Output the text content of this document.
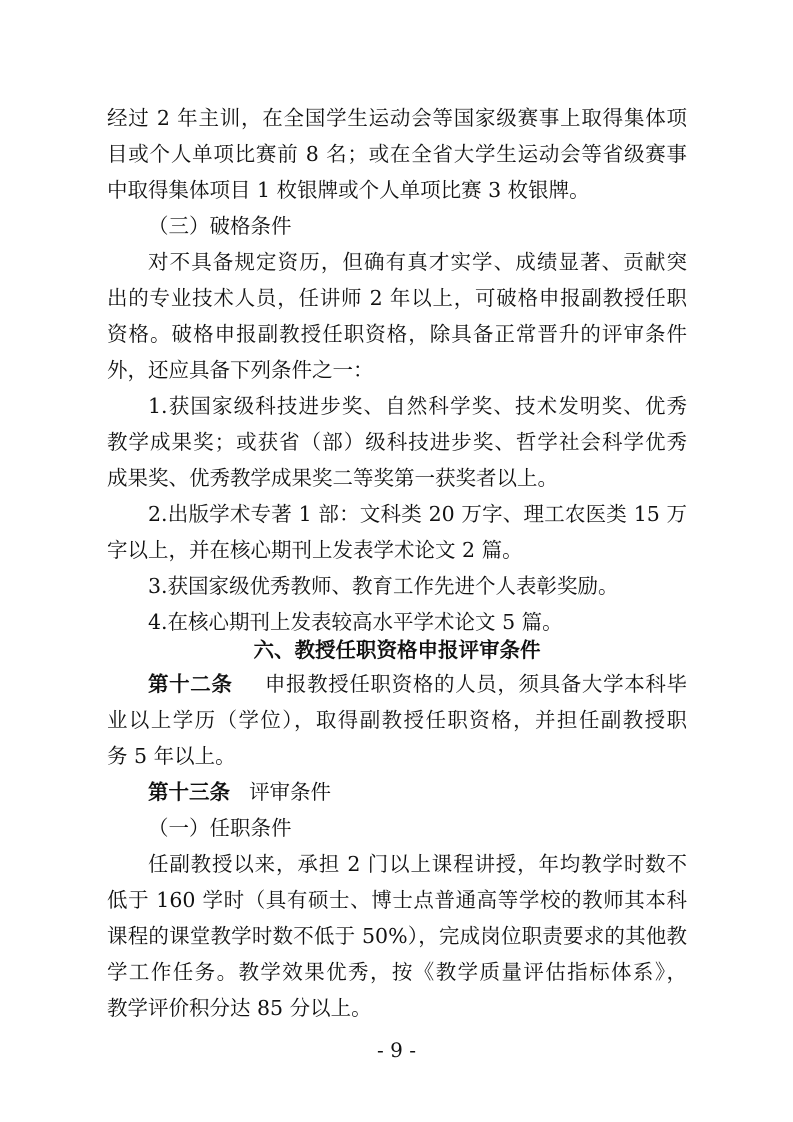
经过 2 年主训，在全国学生运动会等国家级赛事上取得集体项
目或个人单项比赛前 8 名；或在全省大学生运动会等省级赛事
中取得集体项目 1 枚银牌或个人单项比赛 3 枚银牌。
（三）破格条件
对不具备规定资历，但确有真才实学、成绩显著、贡献突
出的专业技术人员，任讲师 2 年以上，可破格申报副教授任职
资格。破格申报副教授任职资格，除具备正常晋升的评审条件
外，还应具备下列条件之一：
1.获国家级科技进步奖、自然科学奖、技术发明奖、优秀
教学成果奖；或获省（部）级科技进步奖、哲学社会科学优秀
成果奖、优秀教学成果奖二等奖第一获奖者以上。
2.出版学术专著 1 部：文科类 20 万字、理工农医类 15 万
字以上，并在核心期刊上发表学术论文 2 篇。
3.获国家级优秀教师、教育工作先进个人表彰奖励。
4.在核心期刊上发表较高水平学术论文 5 篇。
六、教授任职资格申报评审条件
第十二条 申报教授任职资格的人员，须具备大学本科毕
业以上学历（学位），取得副教授任职资格，并担任副教授职
务 5 年以上。
第十三条 评审条件
（一）任职条件
任副教授以来，承担 2 门以上课程讲授，年均教学时数不
低于 160 学时（具有硕士、博士点普通高等学校的教师其本科
课程的课堂教学时数不低于 50%），完成岗位职责要求的其他教
学工作任务。教学效果优秀，按《教学质量评估指标体系》，
教学评价积分达 85 分以上。
- 9 -
